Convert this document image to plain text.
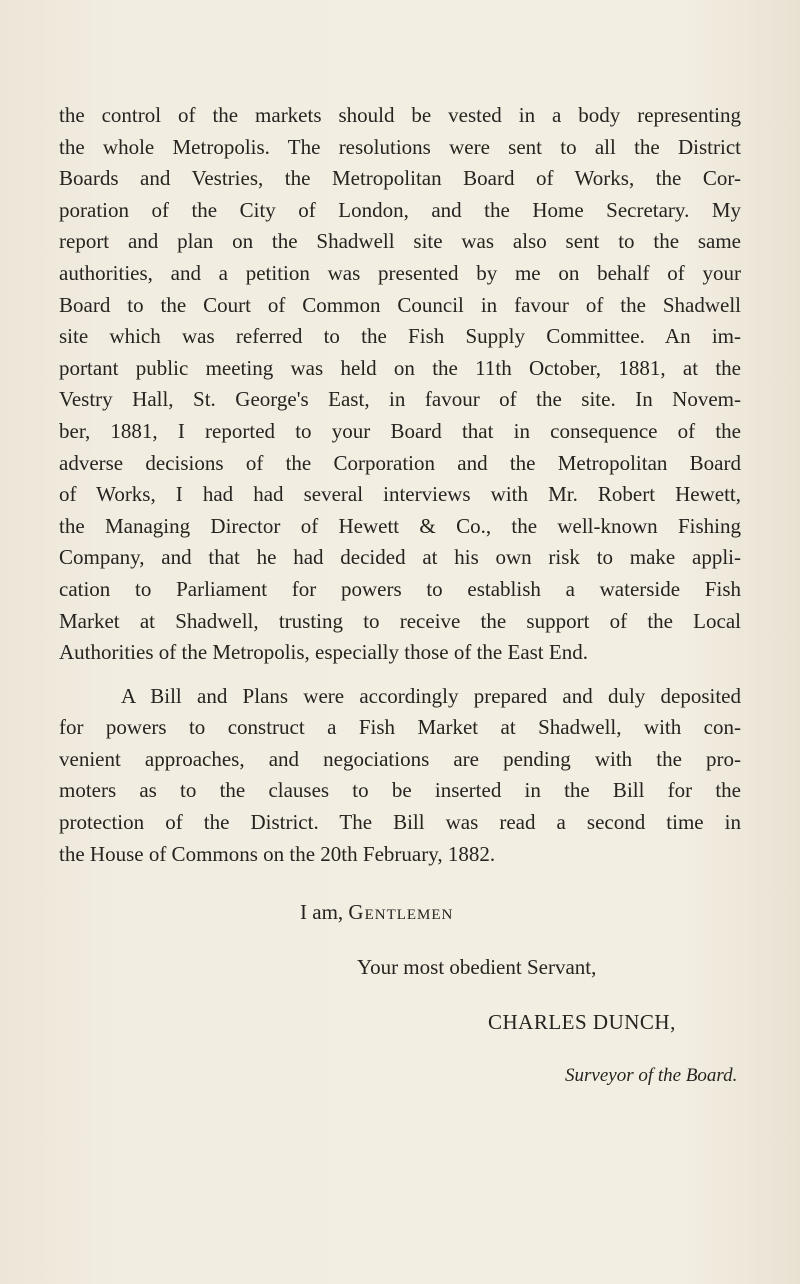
the control of the markets should be vested in a body representing
the whole Metropolis. The resolutions were sent to all the District
Boards and Vestries, the Metropolitan Board of Works, the Cor-
poration of the City of London, and the Home Secretary. My
report and plan on the Shadwell site was also sent to the same
authorities, and a petition was presented by me on behalf of your
Board to the Court of Common Council in favour of the Shadwell
site which was referred to the Fish Supply Committee. An im-
portant public meeting was held on the 11th October, 1881, at the
Vestry Hall, St. George's East, in favour of the site. In Novem-
ber, 1881, I reported to your Board that in consequence of the
adverse decisions of the Corporation and the Metropolitan Board
of Works, I had had several interviews with Mr. Robert Hewett,
the Managing Director of Hewett & Co., the well-known Fishing
Company, and that he had decided at his own risk to make appli-
cation to Parliament for powers to establish a waterside Fish
Market at Shadwell, trusting to receive the support of the Local
Authorities of the Metropolis, especially those of the East End.
A Bill and Plans were accordingly prepared and duly deposited
for powers to construct a Fish Market at Shadwell, with con-
venient approaches, and negociations are pending with the pro-
moters as to the clauses to be inserted in the Bill for the
protection of the District. The Bill was read a second time in
the House of Commons on the 20th February, 1882.
I am, Gentlemen
Your most obedient Servant,
CHARLES DUNCH,
Surveyor of the Board.
